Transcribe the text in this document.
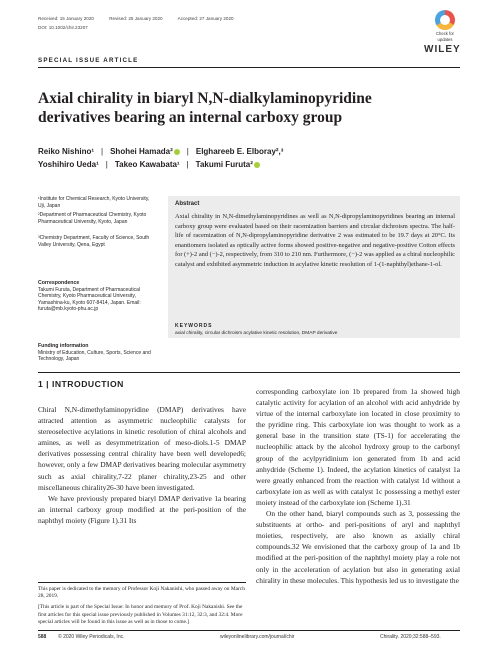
Received: 15 January 2020	Revised: 25 January 2020	Accepted: 27 January 2020
DOI: 10.1002/chir.23207
Check for
updates
SPECIAL ISSUE ARTICLE
WILEY
Axial chirality in biaryl N,N-dialkylaminopyridine
derivatives bearing an internal carboxy group
Reiko Nishino¹ | Shohei Hamada² | Elghareeb E. Elboray²,³
Yoshihiro Ueda¹ | Takeo Kawabata¹ | Takumi Furuta²
¹Institute for Chemical Research, Kyoto University, Uji, Japan
²Department of Pharmaceutical Chemistry, Kyoto Pharmaceutical University, Kyoto, Japan
³Chemistry Department, Faculty of Science, South Valley University, Qena, Egypt
Correspondence
Takumi Furuta, Department of Pharmaceutical Chemistry, Kyoto Pharmaceutical University, Yamashina-ku, Kyoto 607-8414, Japan. Email: furuta@mb.kyoto-phu.ac.jp
Funding information
Ministry of Education, Culture, Sports, Science and Technology, Japan
Abstract
Axial chirality in N,N-dimethylaminopyridines as well as N,N-dipropylaminopyridines bearing an internal carboxy group were evaluated based on their racemization barriers and circular dichroism spectra. The half-life of racemization of N,N-dipropylaminopyridine derivative 2 was estimated to be 19.7 days at 20°C. Its enantiomers isolated as optically active forms showed positive-negative and negative-positive Cotton effects for (+)-2 and (−)-2, respectively, from 310 to 210 nm. Furthermore, (−)-2 was applied as a chiral nucleophilic catalyst and exhibited asymmetric induction in acylative kinetic resolution of 1-(1-naphthyl)ethane-1-ol.
KEYWORDS
axial chirality, circular dichroism acylative kinetic resolution, DMAP derivative
1 | INTRODUCTION

Chiral N,N-dimethylaminopyridine (DMAP) derivatives have attracted attention as asymmetric nucleophilic catalysts for stereoselective acylations in kinetic resolution of chiral alcohols and amines, as well as desymmetrization of meso-diols.1-5 DMAP derivatives possessing central chirality have been well developed6; however, only a few DMAP derivatives bearing molecular asymmetry such as axial chirality,7-22 planer chirality,23-25 and other miscellaneous chirality26-30 have been investigated.

We have previously prepared biaryl DMAP derivative 1a bearing an internal carboxy group modified at the peri-position of the naphthyl moiety (Figure 1).31 Its

corresponding carboxylate ion 1b prepared from 1a showed high catalytic activity for acylation of an alcohol with acid anhydride by virtue of the internal carboxylate ion located in close proximity to the pyridine ring. This carboxylate ion was thought to work as a general base in the transition state (TS-1) for accelerating the nucleophilic attack by the alcohol hydroxy group to the carbonyl group of the acylpyridinium ion generated from 1b and acid anhydride (Scheme 1). Indeed, the acylation kinetics of catalyst 1a were greatly enhanced from the reaction with catalyst 1d without a carboxylate ion as well as with catalyst 1c possessing a methyl ester moiety instead of the carboxylate ion (Scheme 1).31

On the other hand, biaryl compounds such as 3, possessing the substituents at ortho- and peri-positions of aryl and naphthyl moieties, respectively, are also known as axially chiral compounds.32 We envisioned that the carboxy group of 1a and 1b modified at the peri-position of the naphthyl moiety play a role not only in the acceleration of acylation but also in generating axial chirality in these molecules. This hypothesis led us to investigate the

This paper is dedicated to the memory of Professor Koji Nakanishi, who passed away on March 28, 2019.

[This article is part of the Special Issue: In honor and memory of Prof. Koji Nakanishi. See the first articles for this special issue previously published in Volumes 31:12, 32:3, and 32:4. More special articles will be found in this issue as well as in those to come.]

588 © 2020 Wiley Periodicals, Inc.	wileyonlinelibrary.com/journal/chir	Chirality. 2020;32:588–593.
